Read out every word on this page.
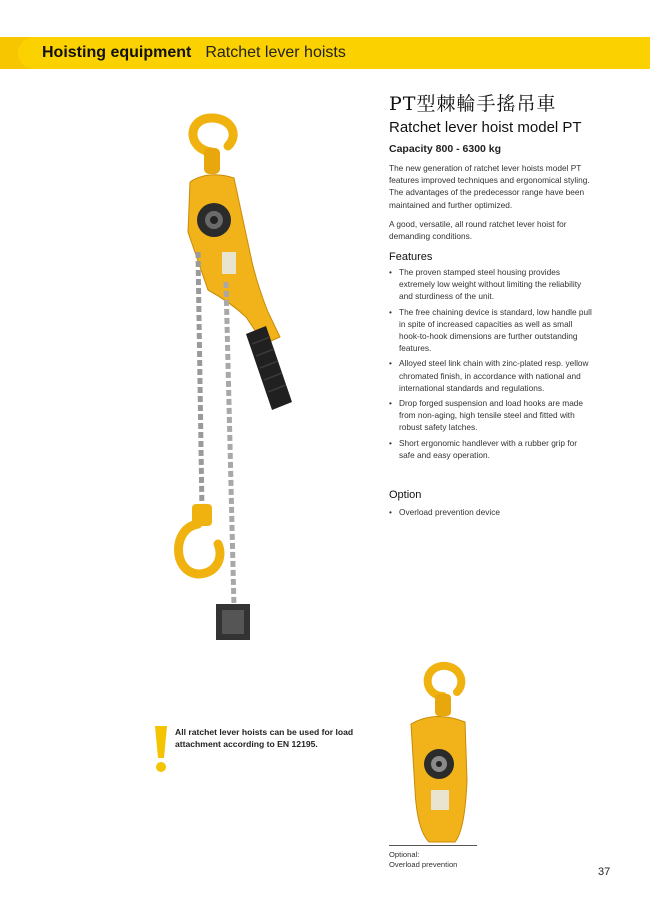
Hoisting equipment Ratchet lever hoists
PT型棘輪手搖吊車
Ratchet lever hoist model PT
Capacity 800 - 6300 kg

The new generation of ratchet lever hoists model PT features improved techniques and ergonomical styling. The advantages of the predecessor range have been maintained and further optimized.

A good, versatile, all round ratchet lever hoist for demanding conditions.

Features
• The proven stamped steel housing provides extremely low weight without limiting the reliability and sturdiness of the unit.
• The free chaining device is standard, low handle pull in spite of increased capacities as well as small hook-to-hook dimensions are further outstanding features.
• Alloyed steel link chain with zinc-plated resp. yellow chromated finish, in accordance with national and international standards and regulations.
• Drop forged suspension and load hooks are made from non-aging, high tensile steel and fitted with robust safety latches.
• Short ergonomic handlever with a rubber grip for safe and easy operation.
Option
• Overload prevention device
All ratchet lever hoists can be used for load attachment according to EN 12195.
Optional:
Overload prevention
37
